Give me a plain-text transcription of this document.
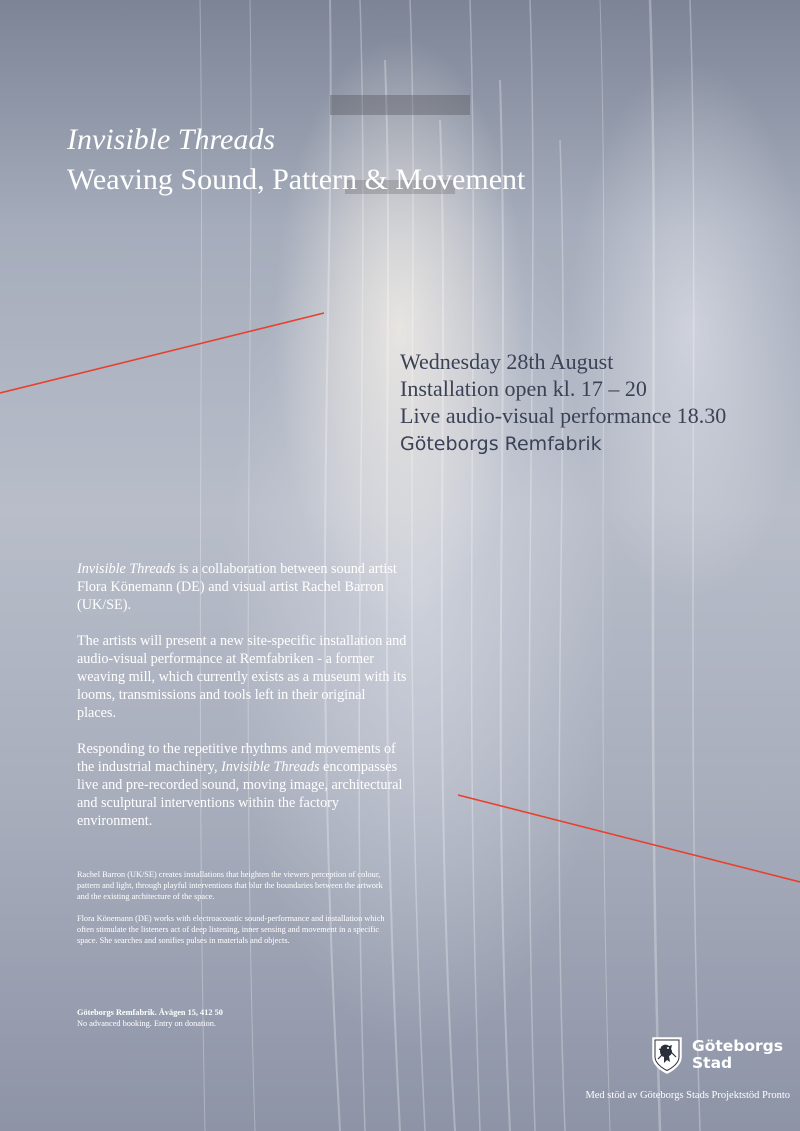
Invisible Threads
Weaving Sound, Pattern & Movement
Wednesday 28th August
Installation open kl. 17 – 20
Live audio-visual performance 18.30
Göteborgs Remfabrik

Invisible Threads is a collaboration between sound artist Flora Könemann (DE) and visual artist Rachel Barron (UK/SE).

The artists will present a new site-specific installation and audio-visual performance at Remfabriken - a former weaving mill, which currently exists as a museum with its looms, transmissions and tools left in their original places.

Responding to the repetitive rhythms and movements of the industrial machinery, Invisible Threads encompasses live and pre-recorded sound, moving image, architectural and sculptural interventions within the factory environment.

Rachel Barron (UK/SE) creates installations that heighten the viewers perception of colour, pattern and light, through playful interventions that blur the boundaries between the artwork and the existing architecture of the space.

Flora Könemann (DE) works with electroacoustic sound-performance and installation which often stimulate the listeners act of deep listening, inner sensing and movement in a specific space. She searches and sonifies pulses in materials and objects.

Göteborgs Remfabrik. Åvägen 15, 412 50
No advanced booking. Entry on donation.
Göteborgs
Stad
Med stöd av Göteborgs Stads Projektstöd Pronto
